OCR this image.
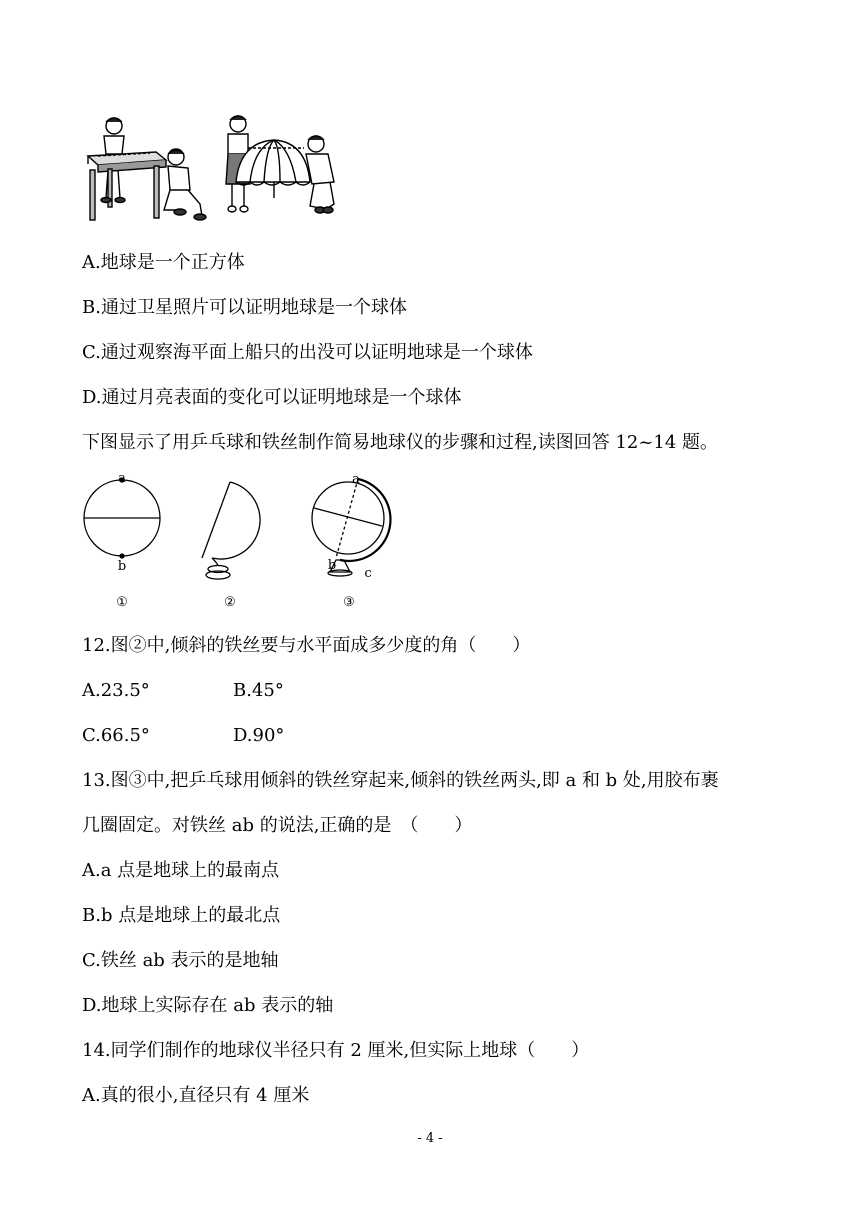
A.地球是一个正方体
B.通过卫星照片可以证明地球是一个球体
C.通过观察海平面上船只的出没可以证明地球是一个球体
D.通过月亮表面的变化可以证明地球是一个球体
下图显示了用乒乓球和铁丝制作简易地球仪的步骤和过程,读图回答 12~14 题。
a
b
a
b
c
①	②	③
12.图②中,倾斜的铁丝要与水平面成多少度的角（　　）
A.23.5°	B.45°
C.66.5°	D.90°
13.图③中,把乒乓球用倾斜的铁丝穿起来,倾斜的铁丝两头,即 a 和 b 处,用胶布裹
几圈固定。对铁丝 ab 的说法,正确的是　（　　）
A.a 点是地球上的最南点
B.b 点是地球上的最北点
C.铁丝 ab 表示的是地轴
D.地球上实际存在 ab 表示的轴
14.同学们制作的地球仪半径只有 2 厘米,但实际上地球（　　）
A.真的很小,直径只有 4 厘米
- 4 -
